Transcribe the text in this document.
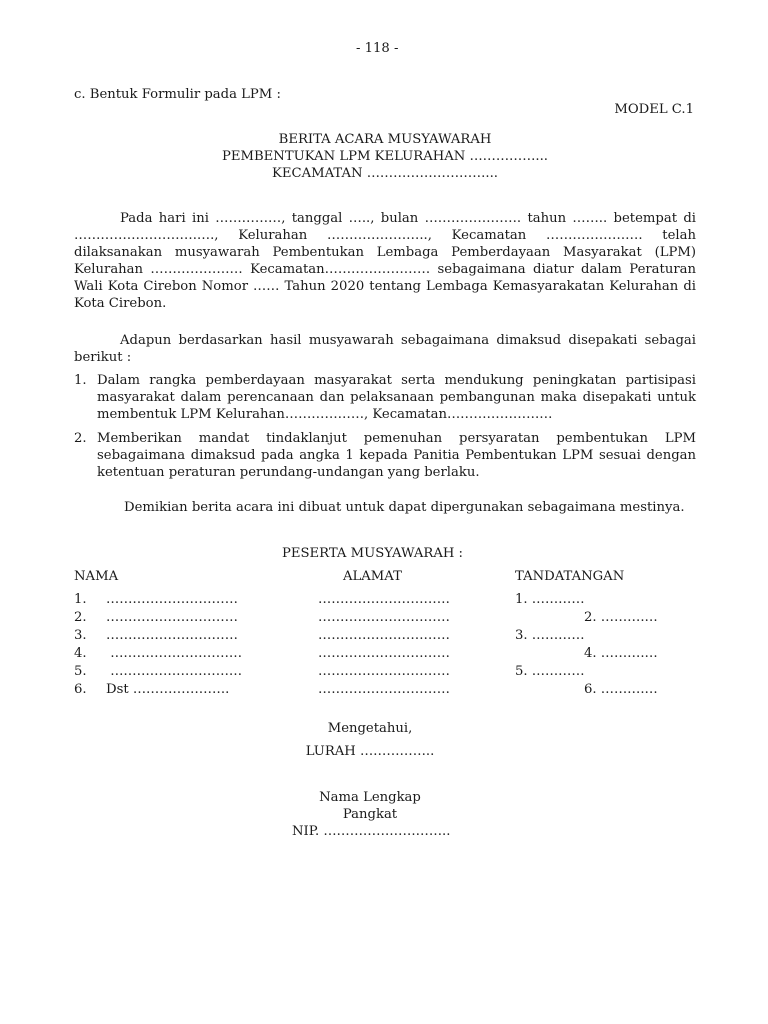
- 118 -
c. Bentuk Formulir pada LPM :
MODEL C.1
BERITA ACARA MUSYAWARAH
PEMBENTUKAN LPM KELURAHAN ……………...
KECAMATAN ………………………...
Pada hari ini ……………, tanggal ….., bulan …………………. tahun …….. betempat di ……………………….…., Kelurahan ………………….., Kecamatan …………………. telah dilaksanakan musyawarah Pembentukan Lembaga Pemberdayaan Masyarakat (LPM) Kelurahan ………………… Kecamatan…………………… sebagaimana diatur dalam Peraturan Wali Kota Cirebon Nomor …… Tahun 2020 tentang Lembaga Kemasyarakatan Kelurahan di Kota Cirebon.
Adapun berdasarkan hasil musyawarah sebagaimana dimaksud disepakati sebagai berikut :
1. Dalam rangka pemberdayaan masyarakat serta mendukung peningkatan partisipasi masyarakat dalam perencanaan dan pelaksanaan pembangunan maka disepakati untuk membentuk LPM Kelurahan………………, Kecamatan……………………
2. Memberikan mandat tindaklanjut pemenuhan persyaratan pembentukan LPM sebagaimana dimaksud pada angka 1 kepada Panitia Pembentukan LPM sesuai dengan ketentuan peraturan perundang-undangan yang berlaku.
Demikian berita acara ini dibuat untuk dapat dipergunakan sebagaimana mestinya.
PESERTA MUSYAWARAH :
NAMA	ALAMAT	TANDATANGAN
1. …………………………	…………………………	1. …………
2. …………………………	…………………………	2. ……….…
3. …………………………	…………………………	3. …………
4. …………………………	…………………………	4. ……….…
5. …………………………	…………………………	5. …………
6. Dst ………………….	…………………………	6. ……….…
Mengetahui,
LURAH ……………..
Nama Lengkap
Pangkat
NIP. ………………………..
